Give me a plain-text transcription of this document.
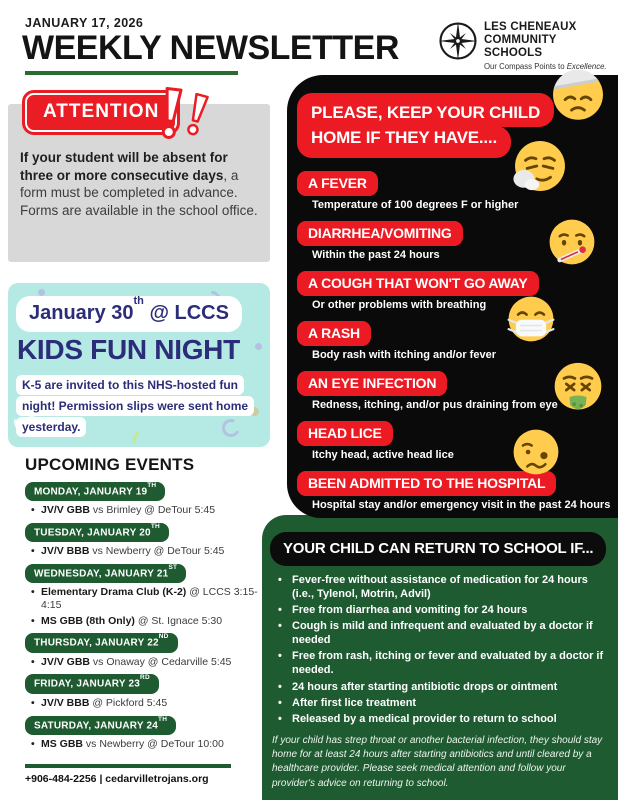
JANUARY 17, 2026
WEEKLY NEWSLETTER
LES CHENEAUX
COMMUNITY SCHOOLS
Our Compass Points to Excellence.
ATTENTION
If your student will be absent for three or more consecutive days, a form must be completed in advance. Forms are available in the school office.
January 30th @ LCCS
KIDS FUN NIGHT
K-5 are invited to this NHS-hosted fun night! Permission slips were sent home yesterday.
UPCOMING EVENTS
MONDAY, JANUARY 19TH
• JV/V GBB vs Brimley @ DeTour 5:45
TUESDAY, JANUARY 20TH
• JV/V BBB vs Newberry @ DeTour 5:45
WEDNESDAY, JANUARY 21ST
• Elementary Drama Club (K-2) @ LCCS 3:15-4:15
• MS GBB (8th Only) @ St. Ignace 5:30
THURSDAY, JANUARY 22ND
• JV/V GBB vs Onaway @ Cedarville 5:45
FRIDAY, JANUARY 23RD
• JV/V BBB @ Pickford 5:45
SATURDAY, JANUARY 24TH
• MS GBB vs Newberry @ DeTour 10:00
+906-484-2256 | cedarvilletrojans.org
PLEASE, KEEP YOUR CHILD
HOME IF THEY HAVE....
A FEVER
Temperature of 100 degrees F or higher
DIARRHEA/VOMITING
Within the past 24 hours
A COUGH THAT WON'T GO AWAY
Or other problems with breathing
A RASH
Body rash with itching and/or fever
AN EYE INFECTION
Redness, itching, and/or pus draining from eye
HEAD LICE
Itchy head, active head lice
BEEN ADMITTED TO THE HOSPITAL
Hospital stay and/or emergency visit in the past 24 hours
YOUR CHILD CAN RETURN TO SCHOOL IF...
• Fever-free without assistance of medication for 24 hours (i.e., Tylenol, Motrin, Advil)
• Free from diarrhea and vomiting for 24 hours
• Cough is mild and infrequent and evaluated by a doctor if needed
• Free from rash, itching or fever and evaluated by a doctor if needed.
• 24 hours after starting antibiotic drops or ointment
• After first lice treatment
• Released by a medical provider to return to school
If your child has strep throat or another bacterial infection, they should stay home for at least 24 hours after starting antibiotics and until cleared by a healthcare provider. Please seek medical attention and follow your provider's advice on returning to school.
